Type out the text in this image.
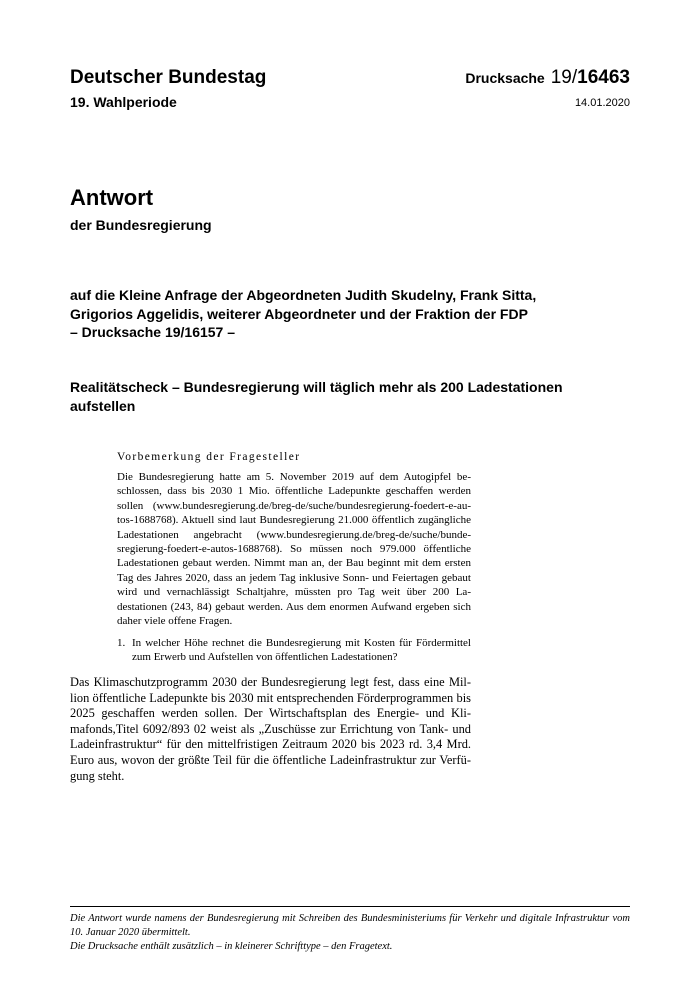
Deutscher Bundestag
19. Wahlperiode
Drucksache 19/16463
14.01.2020
Antwort
der Bundesregierung
auf die Kleine Anfrage der Abgeordneten Judith Skudelny, Frank Sitta,
Grigorios Aggelidis, weiterer Abgeordneter und der Fraktion der FDP
– Drucksache 19/16157 –
Realitätscheck – Bundesregierung will täglich mehr als 200 Ladestationen
aufstellen
Vorbemerkung der Fragesteller
Die Bundesregierung hatte am 5. November 2019 auf dem Autogipfel beschlossen, dass bis 2030 1 Mio. öffentliche Ladepunkte geschaffen werden sollen (www.bundesregierung.de/breg-de/suche/bundesregierung-foedert-e-autos-1688768). Aktuell sind laut Bundesregierung 21.000 öffentlich zugängliche Ladestationen angebracht (www.bundesregierung.de/breg-de/suche/bundesregierung-foedert-e-autos-1688768). So müssen noch 979.000 öffentliche Ladestationen gebaut werden. Nimmt man an, der Bau beginnt mit dem ersten Tag des Jahres 2020, dass an jedem Tag inklusive Sonn- und Feiertagen gebaut wird und vernachlässigt Schaltjahre, müssten pro Tag weit über 200 Ladestationen (243, 84) gebaut werden. Aus dem enormen Aufwand ergeben sich daher viele offene Fragen.
1. In welcher Höhe rechnet die Bundesregierung mit Kosten für Fördermittel zum Erwerb und Aufstellen von öffentlichen Ladestationen?
Das Klimaschutzprogramm 2030 der Bundesregierung legt fest, dass eine Million öffentliche Ladepunkte bis 2030 mit entsprechenden Förderprogrammen bis 2025 geschaffen werden sollen. Der Wirtschaftsplan des Energie- und Klimafonds,Titel 6092/893 02 weist als „Zuschüsse zur Errichtung von Tank- und Ladeinfrastruktur“ für den mittelfristigen Zeitraum 2020 bis 2023 rd. 3,4 Mrd. Euro aus, wovon der größte Teil für die öffentliche Ladeinfrastruktur zur Verfügung steht.

Die Antwort wurde namens der Bundesregierung mit Schreiben des Bundesministeriums für Verkehr und digitale Infrastruktur vom 10. Januar 2020 übermittelt.

Die Drucksache enthält zusätzlich – in kleinerer Schrifttype – den Fragetext.
